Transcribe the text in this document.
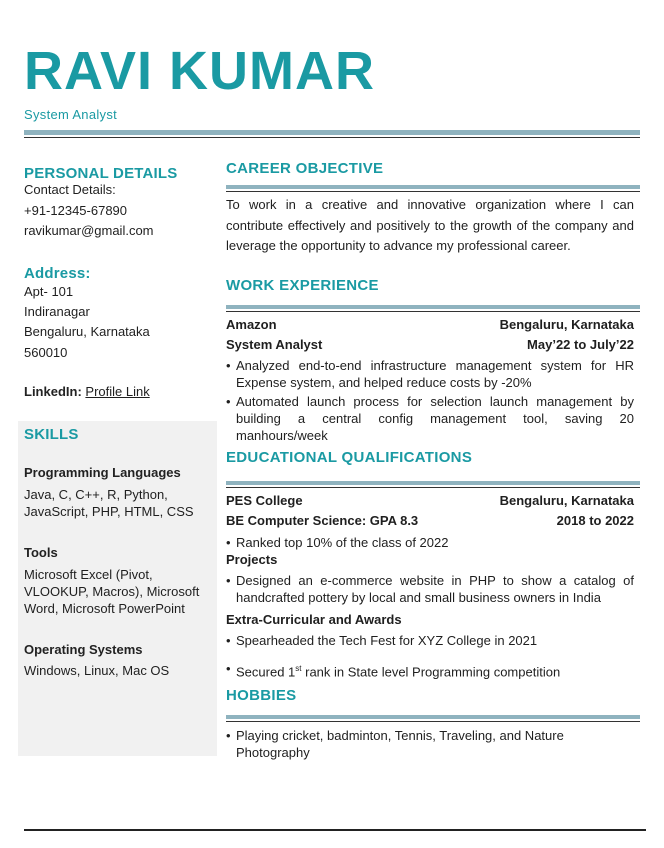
RAVI KUMAR
System Analyst
PERSONAL DETAILS
Contact Details:
+91-12345-67890
ravikumar@gmail.com
Address:
Apt- 101
Indiranagar
Bengaluru, Karnataka
560010
LinkedIn: Profile Link
SKILLS
Programming Languages
Java, C, C++, R, Python,
JavaScript, PHP, HTML, CSS
Tools
Microsoft Excel (Pivot,
VLOOKUP, Macros), Microsoft
Word, Microsoft PowerPoint
Operating Systems
Windows, Linux, Mac OS
CAREER OBJECTIVE
To work in a creative and innovative organization where I can contribute effectively and positively to the growth of the company and leverage the opportunity to advance my professional career.
WORK EXPERIENCE
Amazon	Bengaluru, Karnataka
System Analyst	May’22 to July’22
• Analyzed end-to-end infrastructure management system for HR Expense system, and helped reduce costs by -20%
• Automated launch process for selection launch management by building a central config management tool, saving 20 manhours/week
EDUCATIONAL QUALIFICATIONS
PES College	Bengaluru, Karnataka
BE Computer Science: GPA 8.3	2018 to 2022
• Ranked top 10% of the class of 2022
Projects
• Designed an e-commerce website in PHP to show a catalog of handcrafted pottery by local and small business owners in India
Extra-Curricular and Awards
• Spearheaded the Tech Fest for XYZ College in 2021
• Secured 1st rank in State level Programming competition
HOBBIES
• Playing cricket, badminton, Tennis, Traveling, and Nature Photography
